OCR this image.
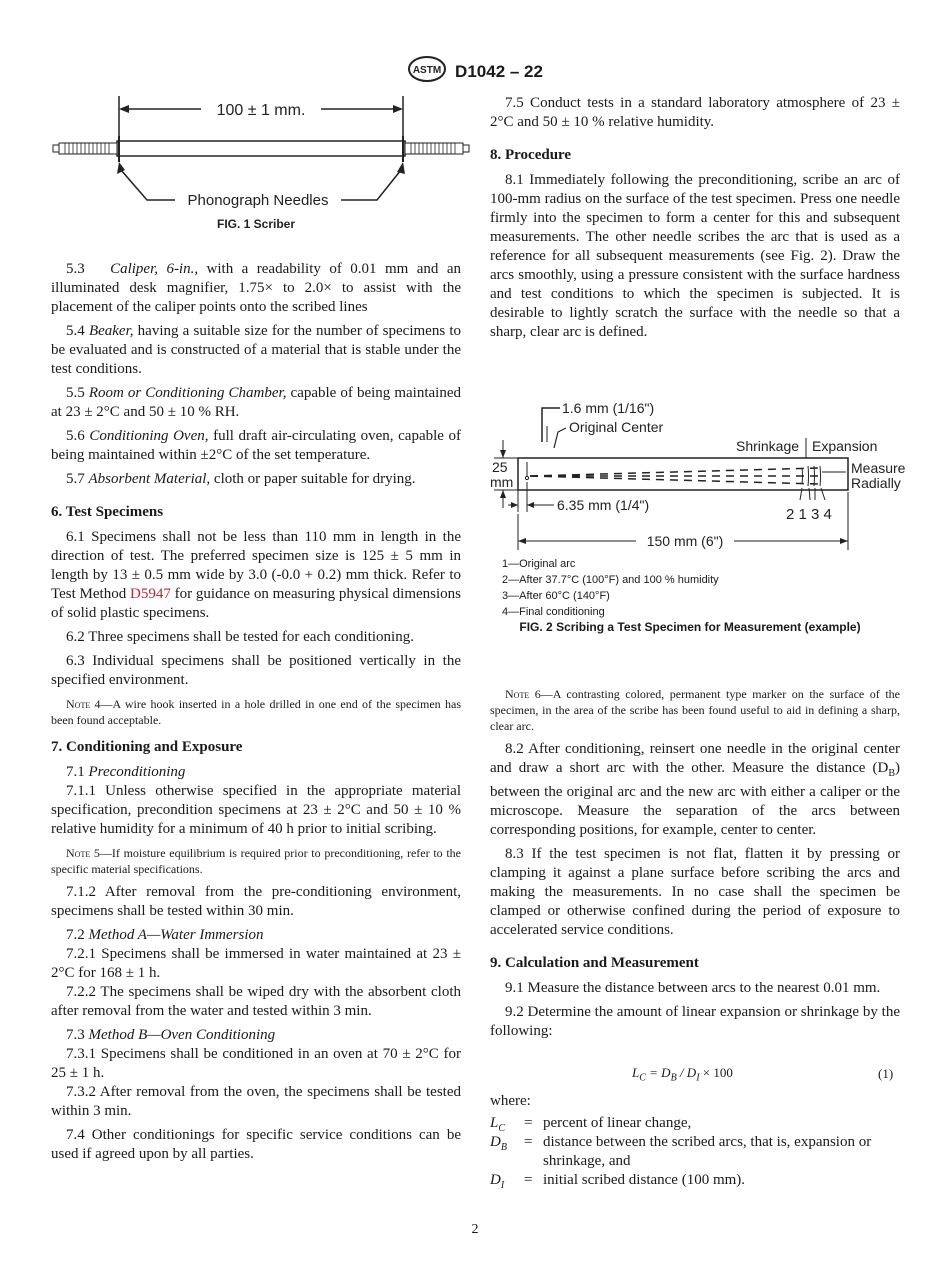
ASTM D1042 – 22
100 ± 1 mm.
Phonograph Needles
FIG. 1 Scriber

5.3 Caliper, 6-in., with a readability of 0.01 mm and an illuminated desk magnifier, 1.75× to 2.0× to assist with the placement of the caliper points onto the scribed lines

5.4 Beaker, having a suitable size for the number of specimens to be evaluated and is constructed of a material that is stable under the test conditions.

5.5 Room or Conditioning Chamber, capable of being maintained at 23 ± 2°C and 50 ± 10 % RH.

5.6 Conditioning Oven, full draft air-circulating oven, capable of being maintained within ±2°C of the set temperature.

5.7 Absorbent Material, cloth or paper suitable for drying.

6. Test Specimens

6.1 Specimens shall not be less than 110 mm in length in the direction of test. The preferred specimen size is 125 ± 5 mm in length by 13 ± 0.5 mm wide by 3.0 (-0.0 + 0.2) mm thick. Refer to Test Method D5947 for guidance on measuring physical dimensions of solid plastic specimens.

6.2 Three specimens shall be tested for each conditioning.

6.3 Individual specimens shall be positioned vertically in the specified environment.

Note 4—A wire hook inserted in a hole drilled in one end of the specimen has been found acceptable.

7. Conditioning and Exposure

7.1 Preconditioning

7.1.1 Unless otherwise specified in the appropriate material specification, precondition specimens at 23 ± 2°C and 50 ± 10 % relative humidity for a minimum of 40 h prior to initial scribing.

Note 5—If moisture equilibrium is required prior to preconditioning, refer to the specific material specifications.

7.1.2 After removal from the pre-conditioning environment, specimens shall be tested within 30 min.

7.2 Method A—Water Immersion

7.2.1 Specimens shall be immersed in water maintained at 23 ± 2°C for 168 ± 1 h.

7.2.2 The specimens shall be wiped dry with the absorbent cloth after removal from the water and tested within 3 min.

7.3 Method B—Oven Conditioning

7.3.1 Specimens shall be conditioned in an oven at 70 ± 2°C for 25 ± 1 h.

7.3.2 After removal from the oven, the specimens shall be tested within 3 min.

7.4 Other conditionings for specific service conditions can be used if agreed upon by all parties.

7.5 Conduct tests in a standard laboratory atmosphere of 23 ± 2°C and 50 ± 10 % relative humidity.

8. Procedure

8.1 Immediately following the preconditioning, scribe an arc of 100-mm radius on the surface of the test specimen. Press one needle firmly into the specimen to form a center for this and subsequent measurements. The other needle scribes the arc that is used as a reference for all subsequent measurements (see Fig. 2). Draw the arcs smoothly, using a pressure consistent with the surface hardness and test conditions to which the specimen is subjected. It is desirable to lightly scratch the surface with the needle so that a sharp, clear arc is defined.

1.6 mm (1/16")
Original Center
Shrinkage Expansion
Measure
Radially
25
mm
6.35 mm (1/4")
2 1 3 4
150 mm (6")
1—Original arc
2—After 37.7°C (100°F) and 100 % humidity
3—After 60°C (140°F)
4—Final conditioning
FIG. 2 Scribing a Test Specimen for Measurement (example)

Note 6—A contrasting colored, permanent type marker on the surface of the specimen, in the area of the scribe has been found useful to aid in defining a sharp, clear arc.

8.2 After conditioning, reinsert one needle in the original center and draw a short arc with the other. Measure the distance $(D_B)$ between the original arc and the new arc with either a caliper or the microscope. Measure the separation of the arcs between corresponding positions, for example, center to center.

8.3 If the test specimen is not flat, flatten it by pressing or clamping it against a plane surface before scribing the arcs and making the measurements. In no case shall the specimen be clamped or otherwise confined during the period of exposure to accelerated service conditions.

9. Calculation and Measurement

9.1 Measure the distance between arcs to the nearest 0.01 mm.

9.2 Determine the amount of linear expansion or shrinkage by the following:

$L_C = D_B / D_I \times 100$	(1)
where:
$L_C$ = percent of linear change,
$D_B$ = distance between the scribed arcs, that is, expansion or shrinkage, and
$D_I$ = initial scribed distance (100 mm).
2
